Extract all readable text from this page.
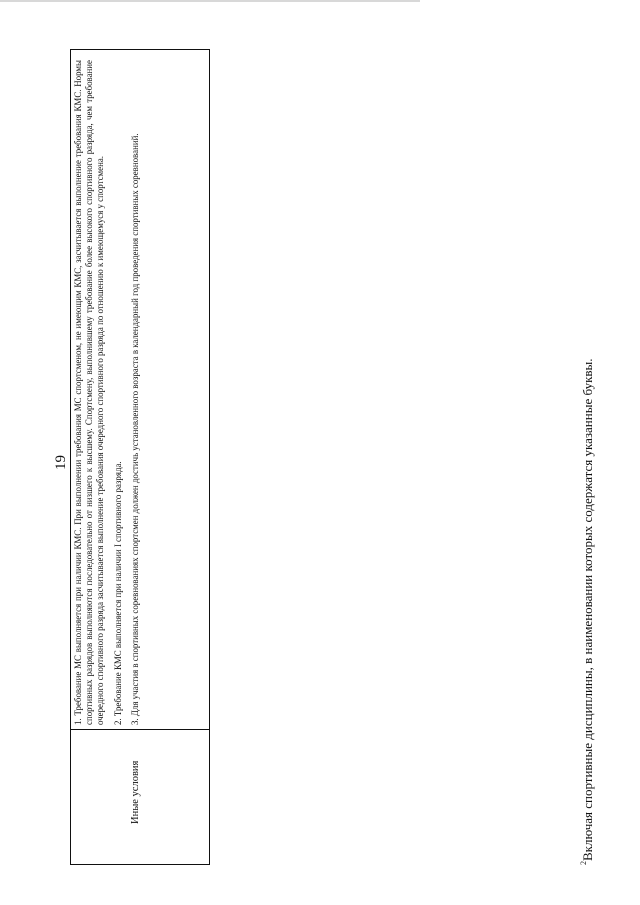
19
Иные условия

1. Требование МС выполняется при наличии КМС. При выполнении требования МС спортсменом, не имеющим КМС, засчитывается выполнение требования КМС. Нормы спортивных разрядов выполняются последовательно от низшего к высшему. Спортсмену, выполнившему требование более высокого спортивного разряда, чем требование очередного спортивного разряда засчитывается выполнение требования очередного спортивного разряда по отношению к имеющемуся у спортсмена. 2. Требование КМС выполняется при наличии I спортивного разряда. 3. Для участия в спортивных соревнованиях спортсмен должен достичь установленного возраста в календарный год проведения спортивных соревнований.

$^2$Включая спортивные дисциплины, в наименовании которых содержатся указанные буквы.
